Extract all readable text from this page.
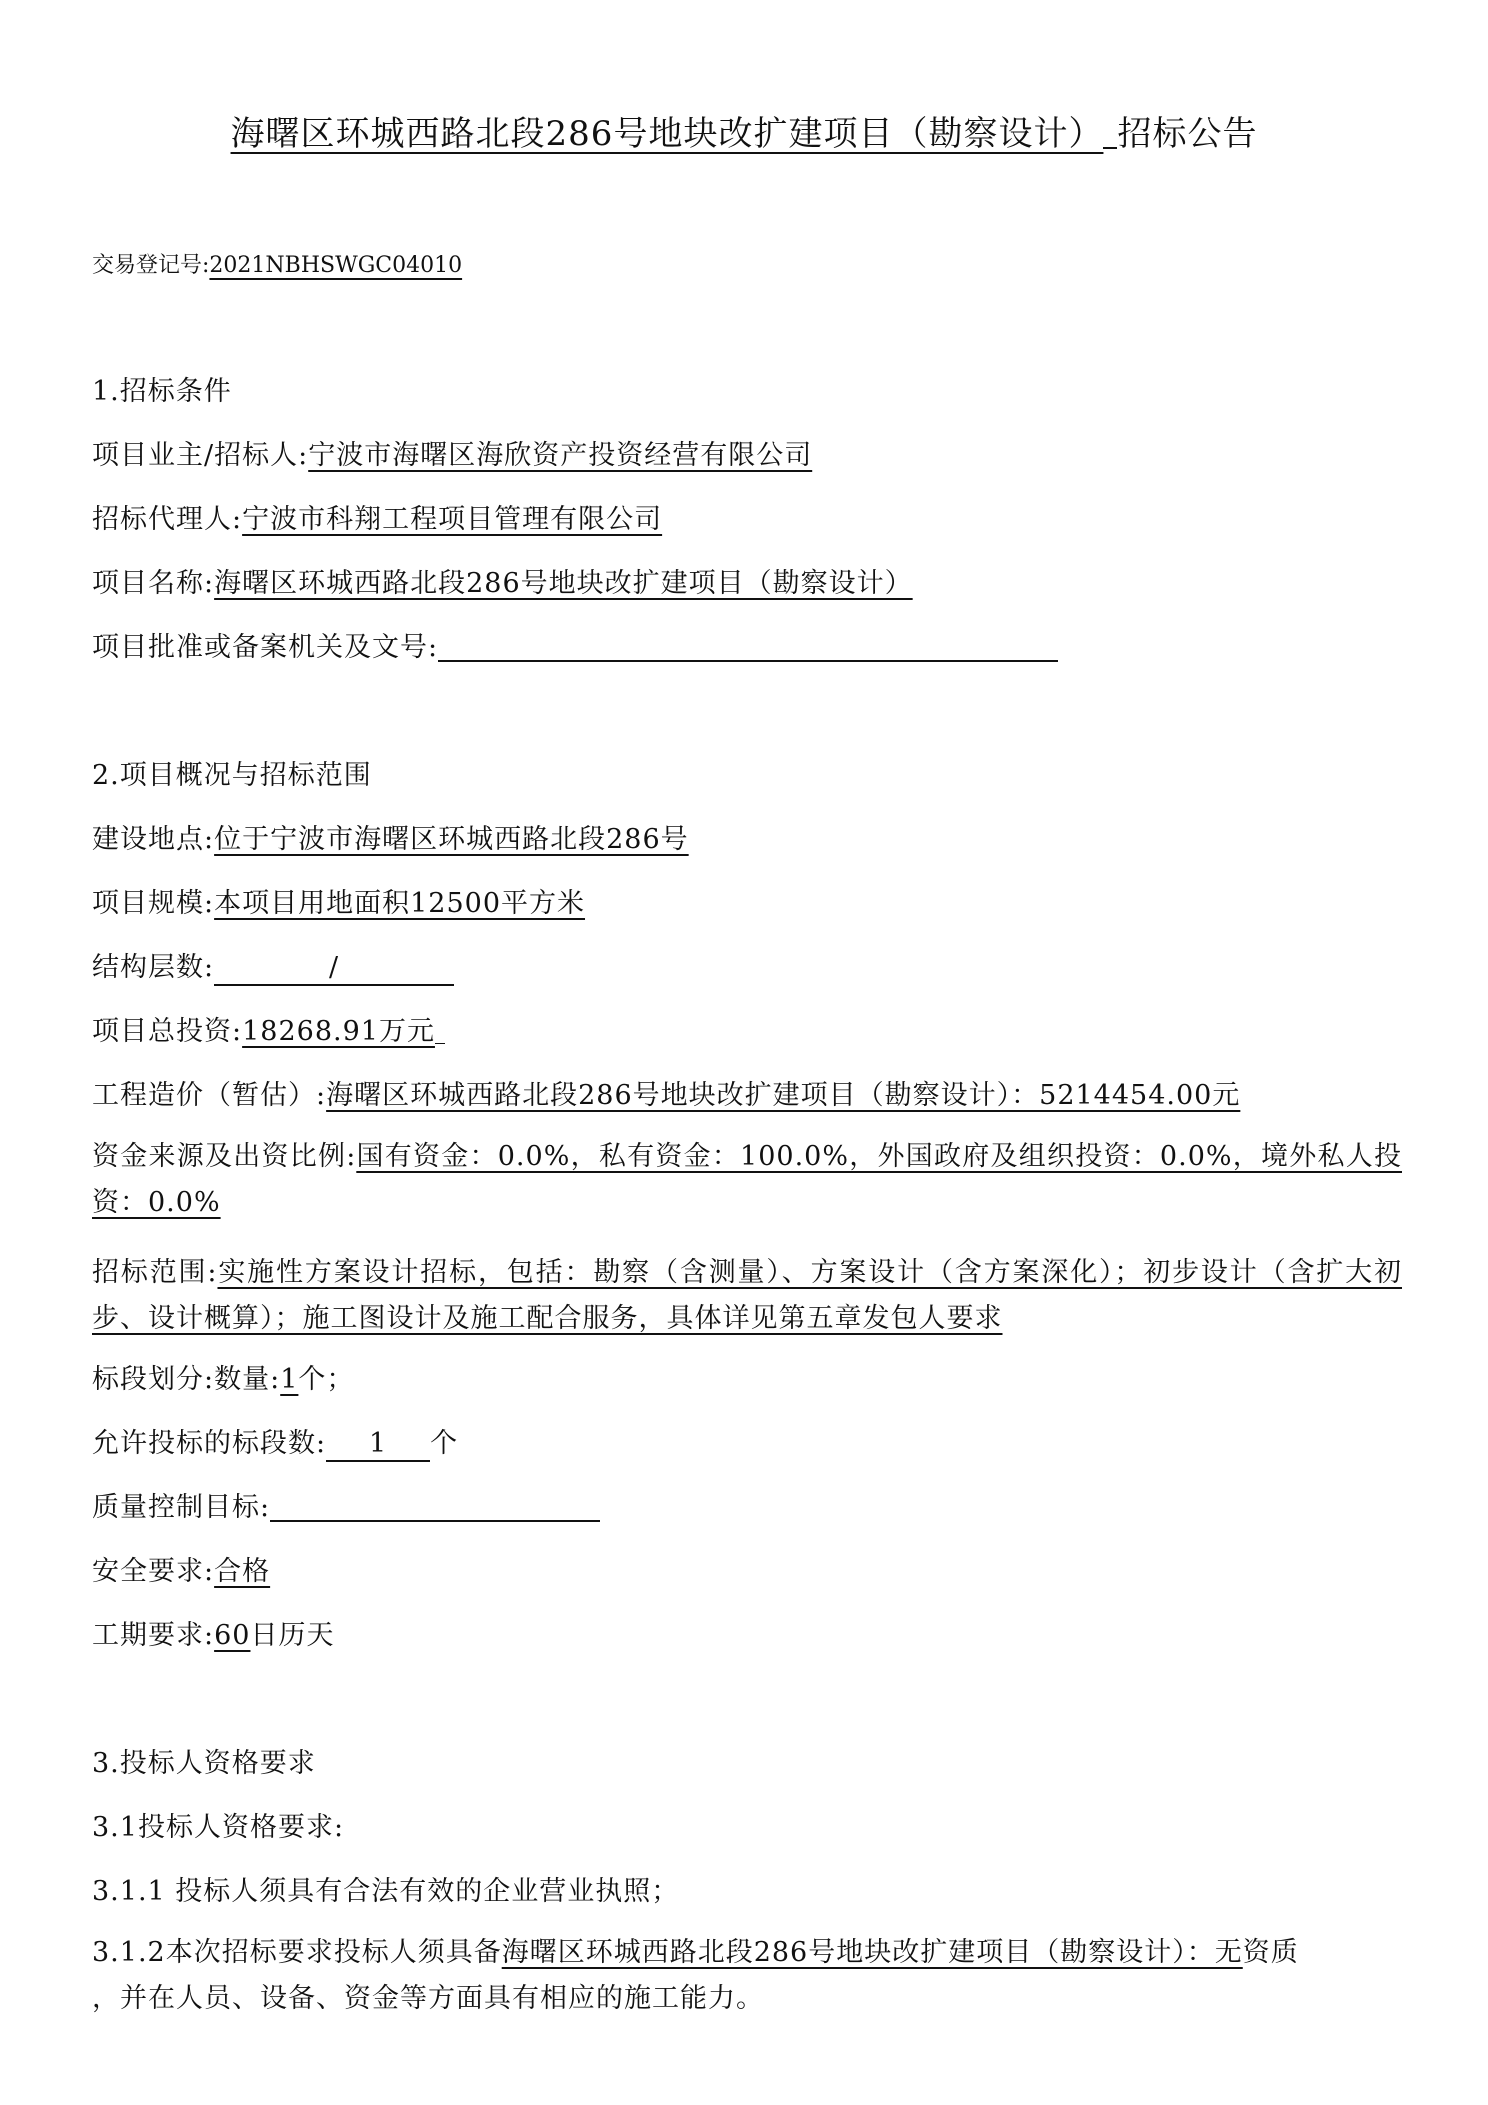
海曙区环城西路北段286号地块改扩建项目（勘察设计） 招标公告
交易登记号:2021NBHSWGC04010
1.招标条件
项目业主/招标人:宁波市海曙区海欣资产投资经营有限公司
招标代理人:宁波市科翔工程项目管理有限公司
项目名称:海曙区环城西路北段286号地块改扩建项目（勘察设计）
项目批准或备案机关及文号:
2.项目概况与招标范围
建设地点:位于宁波市海曙区环城西路北段286号
项目规模:本项目用地面积12500平方米
结构层数:	/
项目总投资:18268.91万元
工程造价（暂估）:海曙区环城西路北段286号地块改扩建项目（勘察设计）：5214454.00元
资金来源及出资比例:国有资金：0.0%，私有资金：100.0%，外国政府及组织投资：0.0%，境外私人投资：0.0%
招标范围:实施性方案设计招标，包括：勘察（含测量）、方案设计（含方案深化）；初步设计（含扩大初步、设计概算）；施工图设计及施工配合服务，具体详见第五章发包人要求
标段划分:数量:1个；
允许投标的标段数: 1 个
质量控制目标:
安全要求:合格
工期要求:60日历天
3.投标人资格要求
3.1投标人资格要求:
3.1.1 投标人须具有合法有效的企业营业执照；
3.1.2本次招标要求投标人须具备海曙区环城西路北段286号地块改扩建项目（勘察设计）：无资质
，并在人员、设备、资金等方面具有相应的施工能力。
